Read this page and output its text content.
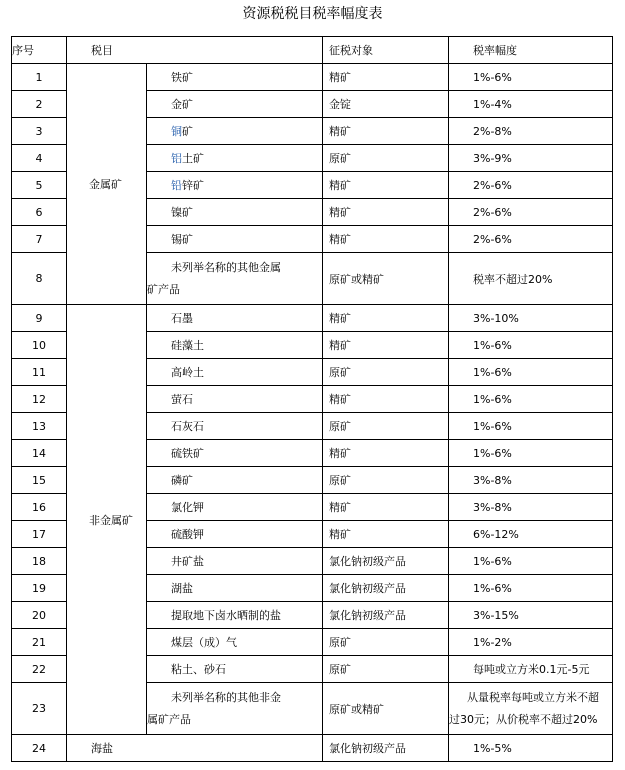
资源税税目税率幅度表
序号	税目		征税对象	税率幅度
1	金属矿	铁矿	精矿	1%-6%
2		金矿	金锭	1%-4%
3		铜矿	精矿	2%-8%
4		铝土矿	原矿	3%-9%
5		铅锌矿	精矿	2%-6%
6		镍矿	精矿	2%-6%
7		锡矿	精矿	2%-6%
8		未列举名称的其他金属
矿产品	原矿或精矿	税率不超过20%
9	非金属矿	石墨	精矿	3%-10%
10		硅藻土	精矿	1%-6%
11		高岭土	原矿	1%-6%
12		萤石	精矿	1%-6%
13		石灰石	原矿	1%-6%
14		硫铁矿	精矿	1%-6%
15		磷矿	原矿	3%-8%
16		氯化钾	精矿	3%-8%
17		硫酸钾	精矿	6%-12%
18		井矿盐	氯化钠初级产品	1%-6%
19		湖盐	氯化钠初级产品	1%-6%
20		提取地下卤水晒制的盐	氯化钠初级产品	3%-15%
21		煤层（成）气	原矿	1%-2%
22		粘土、砂石	原矿	每吨或立方米0.1元-5元
23		未列举名称的其他非金
属矿产品	原矿或精矿	从量税率每吨或立方米不超
过30元；从价税率不超过20%

24	海盐		氯化钠初级产品	1%-5%
